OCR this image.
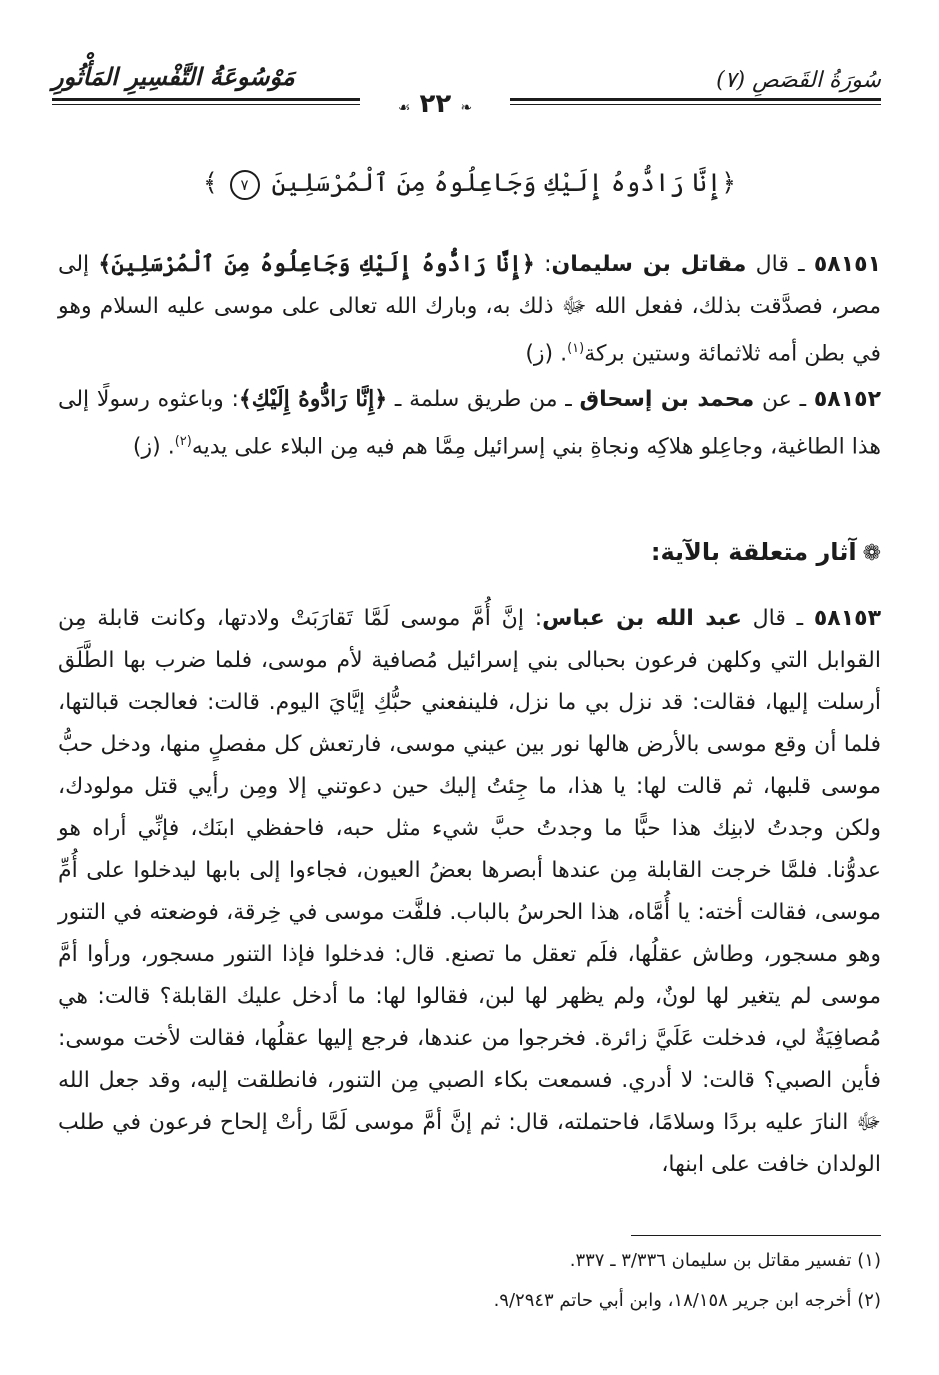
سُورَةُ القَصَصِ (٧)
مَوْسُوعَةُ التَّفْسِيرِ المَأْثُورِ
❧ ٢٢ ☙
﴿إِنَّا رَادُّوهُ إِلَيْكِ وَجَاعِلُوهُ مِنَ ٱلْمُرْسَلِينَ ٧ ﴾
٥٨١٥١ ـ قال مقاتل بن سليمان: ﴿إِنَّا رَادُّوهُ إِلَيْكِ وَجَاعِلُوهُ مِنَ ٱلْمُرْسَلِينَ﴾ إلى مصر، فصدَّقت بذلك، ففعل الله ﷻ ذلك به، وبارك الله تعالى على موسى عليه السلام وهو في بطن أمه ثلاثمائة وستين بركة$^{(١)}$. (ز)
٥٨١٥٢ ـ عن محمد بن إسحاق ـ من طريق سلمة ـ ﴿إِنَّا رَادُّوهُ إِلَيْكِ﴾: وباعثوه رسولًا إلى هذا الطاغية، وجاعِلو هلاكِه ونجاةِ بني إسرائيل مِمَّا هم فيه مِن البلاء على يديه$^{(٢)}$. (ز)
❁آثار متعلقة بالآية:
٥٨١٥٣ ـ قال عبد الله بن عباس: إنَّ أُمَّ موسى لَمَّا تَقارَبَتْ ولادتها، وكانت قابلة مِن القوابل التي وكلهن فرعون بحبالى بني إسرائيل مُصافية لأم موسى، فلما ضرب بها الطَّلَق أرسلت إليها، فقالت: قد نزل بي ما نزل، فلينفعني حبُّكِ إيَّايَ اليوم. قالت: فعالجت قبالتها، فلما أن وقع موسى بالأرض هالها نور بين عيني موسى، فارتعش كل مفصلٍ منها، ودخل حبُّ موسى قلبها، ثم قالت لها: يا هذا، ما جِئتُ إليك حين دعوتني إلا ومِن رأيي قتل مولودك، ولكن وجدتُ لابنِك هذا حبًّا ما وجدتُ حبَّ شيء مثل حبه، فاحفظي ابنَك، فإنِّي أراه هو عدوُّنا. فلمَّا خرجت القابلة مِن عندها أبصرها بعضُ العيون، فجاءوا إلى بابها ليدخلوا على أُمِّ موسى، فقالت أخته: يا أُمَّاه، هذا الحرسُ بالباب. فلفَّت موسى في خِرقة، فوضعته في التنور وهو مسجور، وطاش عقلُها، فلَم تعقل ما تصنع. قال: فدخلوا فإذا التنور مسجور، ورأوا أمَّ موسى لم يتغير لها لونٌ، ولم يظهر لها لبن، فقالوا لها: ما أدخل عليك القابلة؟ قالت: هي مُصافِيَةٌ لي، فدخلت عَلَيَّ زائرة. فخرجوا من عندها، فرجع إليها عقلُها، فقالت لأخت موسى: فأين الصبي؟ قالت: لا أدري. فسمعت بكاء الصبي مِن التنور، فانطلقت إليه، وقد جعل الله ﷻ النارَ عليه بردًا وسلامًا، فاحتملته، قال: ثم إنَّ أمَّ موسى لَمَّا رأتْ إلحاح فرعون في طلب الولدان خافت على ابنها،
(١) تفسير مقاتل بن سليمان ٣/٣٣٦ ـ ٣٣٧.
(٢) أخرجه ابن جرير ١٨/١٥٨، وابن أبي حاتم ٩/٢٩٤٣.
